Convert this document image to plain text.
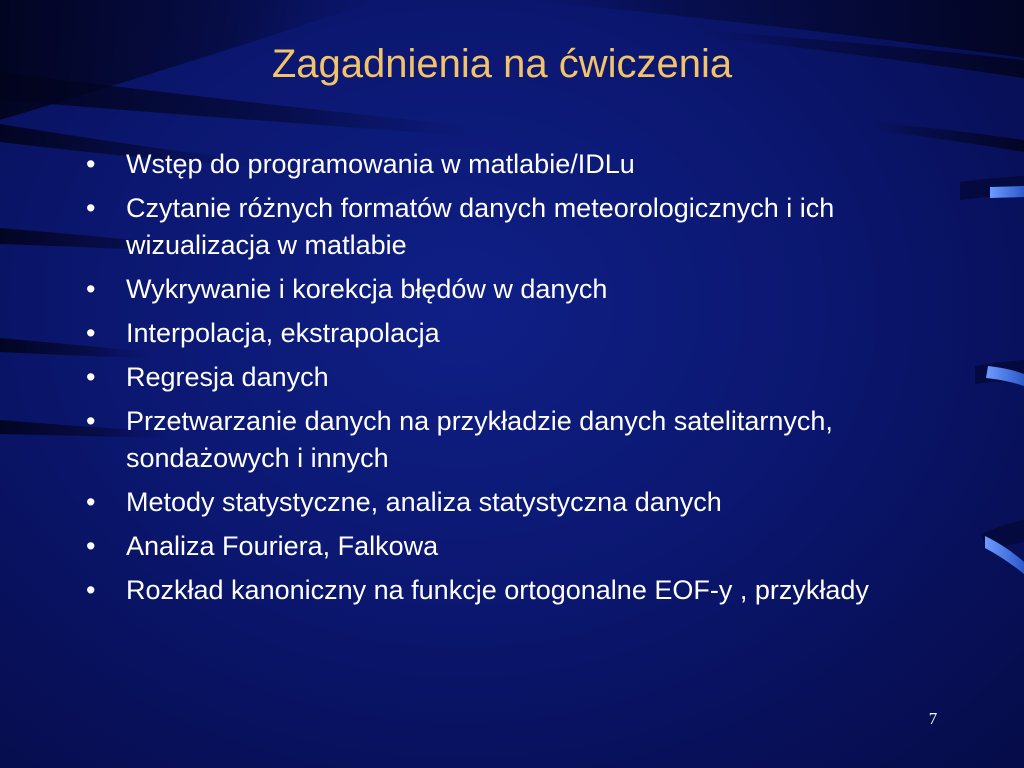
Zagadnienia na ćwiczenia
•	Wstęp do programowania w matlabie/IDLu
•	Czytanie różnych formatów danych meteorologicznych i ich wizualizacja w matlabie
•	Wykrywanie i korekcja błędów w danych
•	Interpolacja, ekstrapolacja
•	Regresja danych
•	Przetwarzanie danych na przykładzie danych satelitarnych, sondażowych i innych
•	Metody statystyczne, analiza statystyczna danych
•	Analiza Fouriera, Falkowa
•	Rozkład kanoniczny na funkcje ortogonalne EOF-y , przykłady
7
